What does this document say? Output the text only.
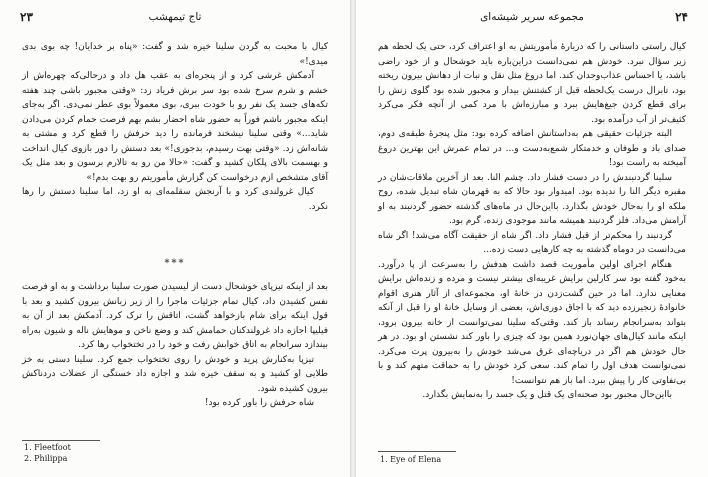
تاج تیمهشب
۲۳

کیال با محبت به گردن سلینا خیره شد و گفت: «پناه بر خدایان! چه بوی بدی میدی!»

آدمکش غرشی کرد و از پنجره‌ای به عقب هل داد و درحالی‌که چهره‌اش از خشم و شرم سرخ شده بود سر برش فریاد زد: «وقتی مجبور باشی چند هفته تکه‌های جسد یک نفر رو با خودت ببری، بوی معمولاً بوی عطر نمی‌دی. اگر به‌جای اینکه مجبور باشم فوراً به حضور شاه احضار بشم بهم فرصت حمام کردن می‌دادن شاید...» وقتی سلینا نیشخند فرمانده را دید حرفش را قطع کرد و مشتی به شانه‌اش زد. «وقتی بهت رسیدم، بدجوری!» بعد دستش را دور بازوی کیال انداخت و بهسمت بالای پلکان کشید و گفت: «حالا من رو به تالارم برسون و بعد مثل یک آقای متشخص ازم درخواست کن گزارش مأموریتم رو بهت بدم!»

کیال غرولندی کرد و با آرنجش سقلمه‌ای به او زد، اما سلینا دستش را رها نکرد.

***

بعد از اینکه تیزپای خوشحال دست از لیسیدن صورت سلینا برداشت و به او فرصت نفس کشیدن داد، کیال تمام جزئیات ماجرا را از زیر زبانش بیرون کشید و بعد با قول اینکه برای شام بازخواهد گشت، اتاقش را ترک کرد. آدمکش بعد از آن به فیلیپا اجازه داد غرولندکنان حمامش کند و وضع ناخن و موهایش ناله و شیون به‌راه بیندازد سرانجام به اتاق خوابش رفت و خود را در تختخواب رها کرد.

تیزپا به‌کنارش پرید و خودش را روی تختخواب جمع کرد. سلینا دستی به خز طلایی او کشید و به سقف خیره شد و اجازه داد خستگی از عضلات دردناکش بیرون کشیده شود.

شاه حرفش را باور کرده بود!

1. Fleetfoot
2. Philippa
مجموعه سریر شیشه‌ای	۲۴

کیال راستی داستانی را که دربارهٔ مأموریتش به او اعتراف کرد، حتی یک لحظه هم زیر سؤال نبرد. خودش هم نمی‌دانست دراین‌باره باید خوشحال و از خود راضی باشد، یا احساس عذاب‌وجدان کند. اما دروغ مثل نقل و نبات از دهانش بیرون ریخته بود، تابرال درست یک‌لحظه قبل از کشتنش بیدار و مجبور شده بود گلوی زنش را برای قطع کردن جیغ‌هایش ببرد و مبارزه‌اش با مرد کمی از آنچه فکر می‌کرد کثیف‌تر از آب درآمده بود.

البته جزئیات حقیقی هم به‌داستانش اضافه کرده بود: مثل پنجرهٔ طبقه‌ی دوم، صدای باد و طوفان و خدمتکار شمع‌به‌دست و... در تمام عمرش این بهترین دروغ آمیخته به راست بود!

سلینا گردنبندش را در دست فشار داد. چشم النا. بعد از آخرین ملاقات‌شان در مقبره دیگر النا را ندیده بود. امیدوار بود حالا که به قهرمان شاه تبدیل شده، روح ملکه او را به‌حال خودش بگذارد. بااین‌حال در ماه‌های گذشته حضور گردنبند به او آرامش می‌داد. فلز گردنبند همیشه مانند موجودی زنده، گرم بود.

گردنبند را محکم‌تر از قبل فشار داد. اگر شاه از حقیقت آگاه می‌شد! اگر شاه می‌دانست در دوماه گذشته به چه کارهایی دست زده...

هنگام اجرای اولین مأموریت قصد داشت هدفش را به‌سرعت از پا درآورد. به‌خود گفته بود سر کارلین برایش غریبه‌ای بیشتر نیست و مرده و زنده‌اش برایش معنایی ندارد. اما در حین گشت‌زدن در خانهٔ او، مجموعه‌ای از آثار هنری اقوام خانوادهٔ زنجیرزده دید که با اجاق دوری‌اش، بعضی از وسایل خانهٔ او را قبل از آنکه بتواند به‌سرانجام رساند باز کند. وقتی‌که سلینا نمی‌توانست از خانه بیرون برود، اینکه مانند کیال‌های جهان‌نورد همین بود که چیزی را باور کند نشستن او بود. در هر حال خودش هم اگر در دریاچه‌ای غرق می‌شد خودش را به‌بیرون پرت می‌کرد. نمی‌توانست هدف اول را تمام کند. سعی کرد خودش را به حماقت متهم کند و با بی‌تفاوتی کار را پیش ببرد. اما باز هم نتوانست!

بااین‌حال مجبور بود صحنه‌ای یک قتل و یک جسد را به‌نمایش بگذارد.

1. Eye of Elena
